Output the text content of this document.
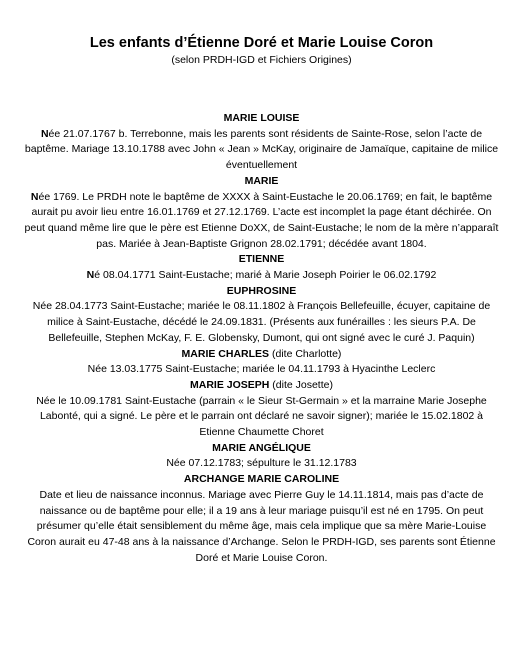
Les enfants d’Étienne Doré et Marie Louise Coron
(selon PRDH-IGD et Fichiers Origines)

MARIE LOUISE

Née 21.07.1767 b. Terrebonne, mais les parents sont résidents de Sainte-Rose, selon l’acte de baptême. Mariage 13.10.1788 avec John « Jean » McKay, originaire de Jamaïque, capitaine de milice éventuellement

MARIE

Née 1769. Le PRDH note le baptême de XXXX à Saint-Eustache le 20.06.1769; en fait, le baptême aurait pu avoir lieu entre 16.01.1769 et 27.12.1769. L’acte est incomplet la page étant déchirée. On peut quand même lire que le père est Etienne DoXX, de Saint-Eustache; le nom de la mère n’apparaît pas. Mariée à Jean-Baptiste Grignon 28.02.1791; décédée avant 1804.

ETIENNE

Né 08.04.1771 Saint-Eustache; marié à Marie Joseph Poirier le 06.02.1792

EUPHROSINE

Née 28.04.1773 Saint-Eustache; mariée le 08.11.1802 à François Bellefeuille, écuyer, capitaine de milice à Saint-Eustache, décédé le 24.09.1831. (Présents aux funérailles : les sieurs P.A. De Bellefeuille, Stephen McKay, F. E. Globensky, Dumont, qui ont signé avec le curé J. Paquin)

MARIE CHARLES (dite Charlotte)

Née 13.03.1775 Saint-Eustache; mariée le 04.11.1793 à Hyacinthe Leclerc

MARIE JOSEPH (dite Josette)

Née le 10.09.1781 Saint-Eustache (parrain « le Sieur St-Germain » et la marraine Marie Josephe Labonté, qui a signé. Le père et le parrain ont déclaré ne savoir signer); mariée le 15.02.1802 à Etienne Chaumette Choret

MARIE ANGÉLIQUE

Née 07.12.1783; sépulture le 31.12.1783

ARCHANGE MARIE CAROLINE

Date et lieu de naissance inconnus. Mariage avec Pierre Guy le 14.11.1814, mais pas d’acte de naissance ou de baptême pour elle; il a 19 ans à leur mariage puisqu’il est né en 1795. On peut présumer qu’elle était sensiblement du même âge, mais cela implique que sa mère Marie-Louise Coron aurait eu 47-48 ans à la naissance d’Archange. Selon le PRDH-IGD, ses parents sont Étienne Doré et Marie Louise Coron.
